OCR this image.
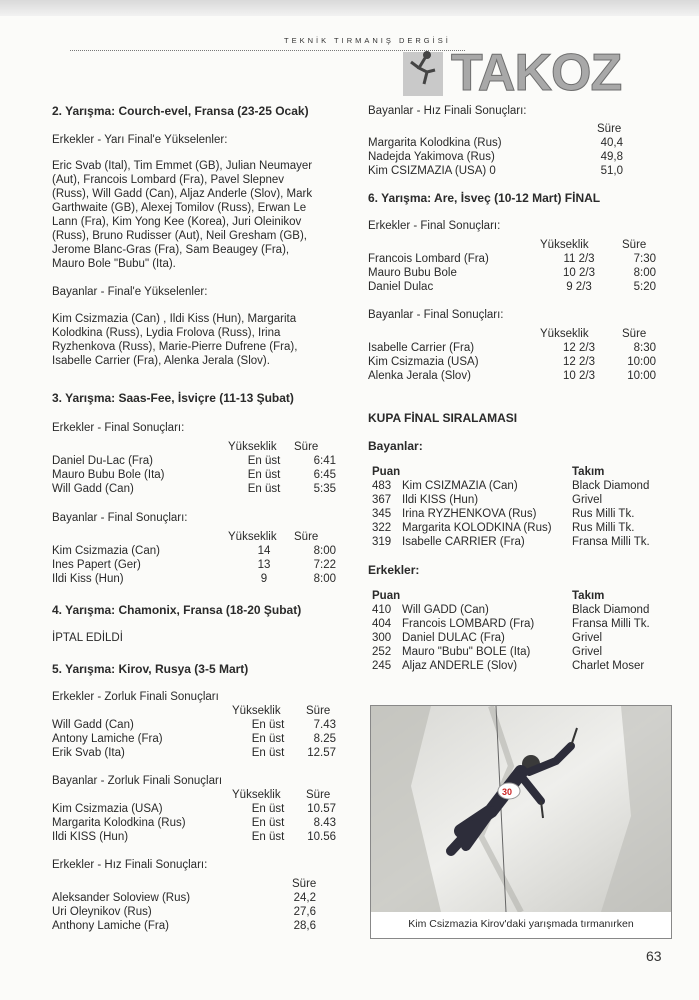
TEKNİK TIRMANIŞ DERGİSİ
TAKOZ
2. Yarışma: Courch-evel, Fransa (23-25 Ocak)
Erkekler - Yarı Final'e Yükselenler:
Eric Svab (Ital), Tim Emmet (GB), Julian Neumayer
(Aut), Francois Lombard (Fra), Pavel Slepnev
(Russ), Will Gadd (Can), Aljaz Anderle (Slov), Mark
Garthwaite (GB), Alexej Tomilov (Russ), Erwan Le
Lann (Fra), Kim Yong Kee (Korea), Juri Oleinikov
(Russ), Bruno Rudisser (Aut), Neil Gresham (GB),
Jerome Blanc-Gras (Fra), Sam Beaugey (Fra),
Mauro Bole "Bubu" (Ita).
Bayanlar - Final'e Yükselenler:
Kim Csizmazia (Can) , Ildi Kiss (Hun), Margarita
Kolodkina (Russ), Lydia Frolova (Russ), Irina
Ryzhenkova (Russ), Marie-Pierre Dufrene (Fra),
Isabelle Carrier (Fra), Alenka Jerala (Slov).
3. Yarışma: Saas-Fee, İsviçre (11-13 Şubat)
Erkekler - Final Sonuçları:
Yükseklik Süre
Daniel Du-Lac (Fra)	En üst	6:41
Mauro Bubu Bole (Ita)	En üst	6:45
Will Gadd (Can)	En üst	5:35
Bayanlar - Final Sonuçları:
Yükseklik Süre
Kim Csizmazia (Can)	14	8:00
Ines Papert (Ger)	13	7:22
Ildi Kiss (Hun)	9	8:00
4. Yarışma: Chamonix, Fransa (18-20 Şubat)
İPTAL EDİLDİ
5. Yarışma: Kirov, Rusya (3-5 Mart)
Erkekler - Zorluk Finali Sonuçları
Yükseklik Süre
Will Gadd (Can)	En üst	7.43
Antony Lamiche (Fra)	En üst	8.25
Erik Svab (Ita)	En üst 12.57
Bayanlar - Zorluk Finali Sonuçları
Yükseklik Süre
Kim Csizmazia (USA)	En üst 10.57
Margarita Kolodkina (Rus)	En üst	8.43
Ildi KISS (Hun)	En üst 10.56
Erkekler - Hız Finali Sonuçları:
Süre
Aleksander Soloview (Rus)	24,2
Uri Oleynikov (Rus)	27,6
Anthony Lamiche (Fra)	28,6
Bayanlar - Hız Finali Sonuçları:
Süre
Margarita Kolodkina (Rus)	40,4
Nadejda Yakimova (Rus)	49,8
Kim CSIZMAZIA (USA) 0	51,0
6. Yarışma: Are, İsveç (10-12 Mart) FİNAL
Erkekler - Final Sonuçları:
Yükseklik	Süre
Francois Lombard (Fra)	11 2/3	7:30
Mauro Bubu Bole	10 2/3	8:00
Daniel Dulac	9 2/3	5:20
Bayanlar - Final Sonuçları:
Yükseklik	Süre
Isabelle Carrier (Fra)	12 2/3	8:30
Kim Csizmazia (USA)	12 2/3	10:00
Alenka Jerala (Slov)	10 2/3	10:00
KUPA FİNAL SIRALAMASI
Bayanlar:
Puan	Takım
483 Kim CSIZMAZIA (Can)	Black Diamond
367 Ildi KISS (Hun)	Grivel
345 Irina RYZHENKOVA (Rus)	Rus Milli Tk.
322 Margarita KOLODKINA (Rus) Rus Milli Tk.
319 Isabelle CARRIER (Fra)	Fransa Milli Tk.
Erkekler:
Puan	Takım
410 Will GADD (Can)	Black Diamond
404 Francois LOMBARD (Fra)	Fransa Milli Tk.
300 Daniel DULAC (Fra)	Grivel
252 Mauro "Bubu" BOLE (Ita)	Grivel
245 Aljaz ANDERLE (Slov)	Charlet Moser
30
Kim Csizmazia Kirov'daki yarışmada tırmanırken
63
